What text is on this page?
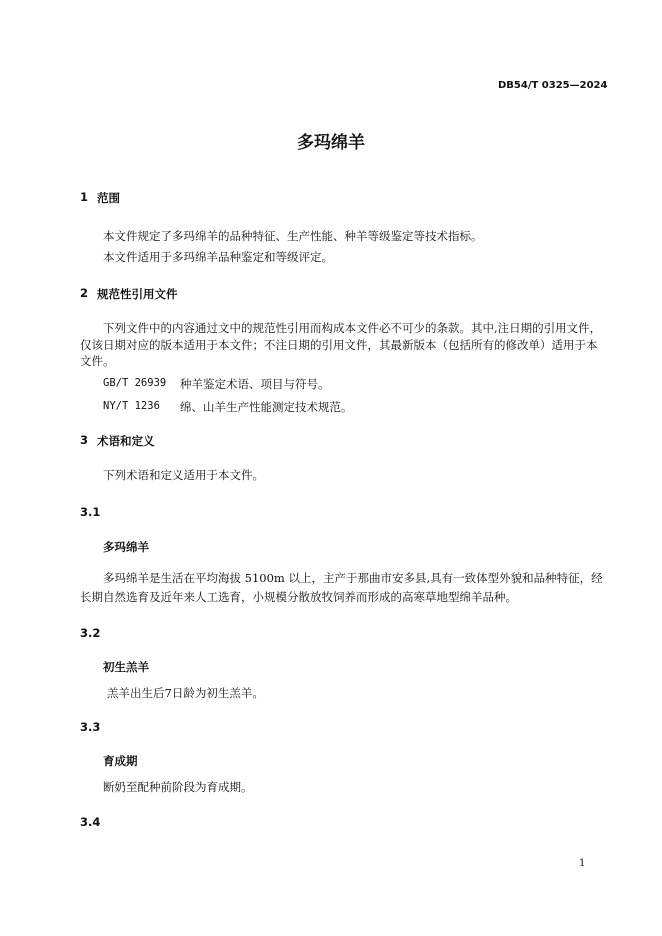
DB54/T 0325—2024
多玛绵羊
1 范围
本文件规定了多玛绵羊的品种特征、生产性能、种羊等级鉴定等技术指标。
本文件适用于多玛绵羊品种鉴定和等级评定。
2 规范性引用文件
下列文件中的内容通过文中的规范性引用而构成本文件必不可少的条款。其中,注日期的引用文件，
仅该日期对应的版本适用于本文件；不注日期的引用文件，其最新版本（包括所有的修改单）适用于本
文件。
GB/T 26939 种羊鉴定术语、项目与符号。
NY/T 1236 绵、山羊生产性能测定技术规范。
3 术语和定义
下列术语和定义适用于本文件。
3.1
多玛绵羊
多玛绵羊是生活在平均海拔 5100m 以上，主产于那曲市安多县,具有一致体型外貌和品种特征，经
长期自然选育及近年来人工选育，小规模分散放牧饲养而形成的高寒草地型绵羊品种。
3.2
初生羔羊
羔羊出生后7日龄为初生羔羊。
3.3
育成期
断奶至配种前阶段为育成期。
3.4
1
